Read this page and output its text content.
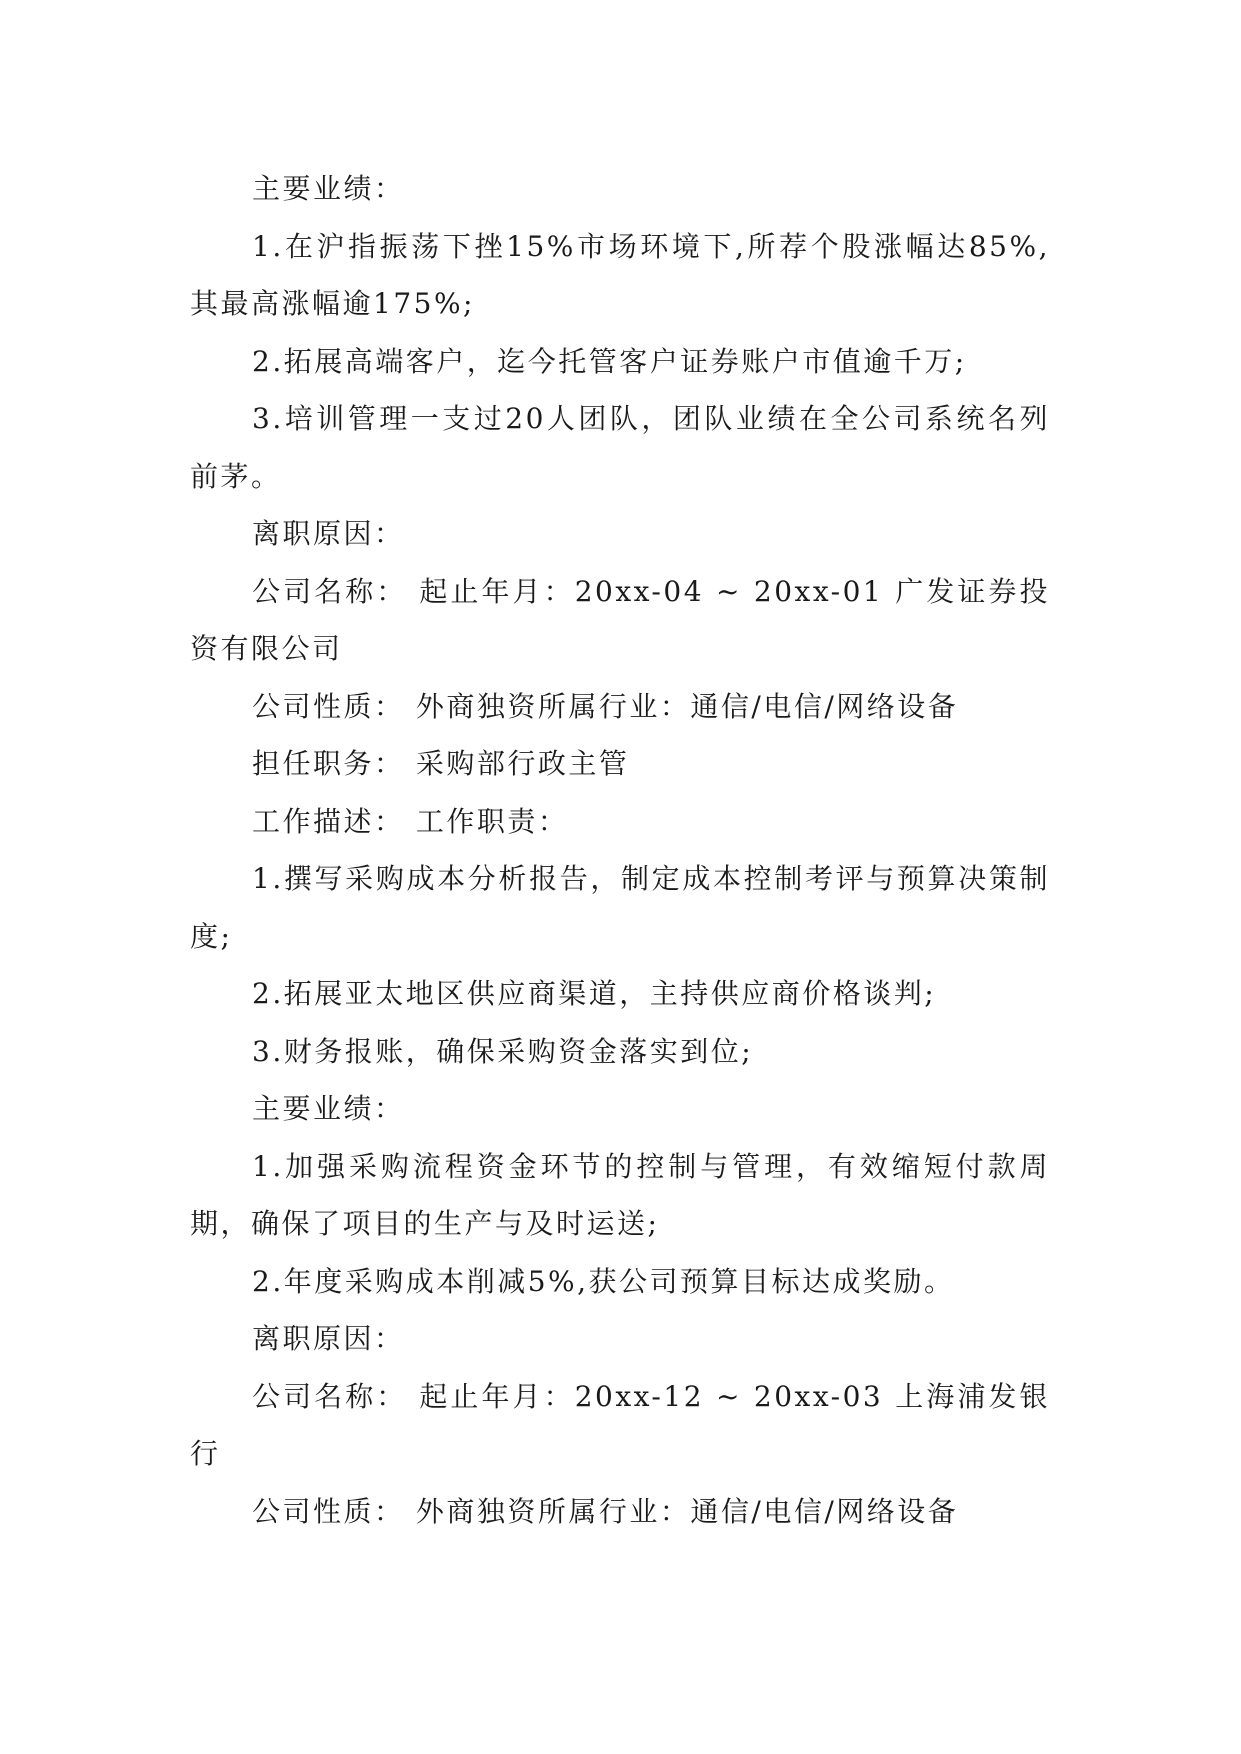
主要业绩：

1.在沪指振荡下挫15%市场环境下,所荐个股涨幅达85%,其最高涨幅逾175%;

2.拓展高端客户，迄今托管客户证券账户市值逾千万;

3.培训管理一支过20人团队，团队业绩在全公司系统名列前茅。

离职原因：

公司名称： 起止年月：20xx-04 ~ 20xx-01 广发证券投资有限公司

公司性质： 外商独资所属行业：通信/电信/网络设备

担任职务： 采购部行政主管

工作描述： 工作职责：

1.撰写采购成本分析报告，制定成本控制考评与预算决策制度;

2.拓展亚太地区供应商渠道，主持供应商价格谈判;

3.财务报账，确保采购资金落实到位;

主要业绩：

1.加强采购流程资金环节的控制与管理，有效缩短付款周期，确保了项目的生产与及时运送;

2.年度采购成本削减5%,获公司预算目标达成奖励。

离职原因：

公司名称： 起止年月：20xx-12 ~ 20xx-03 上海浦发银行

公司性质： 外商独资所属行业：通信/电信/网络设备
